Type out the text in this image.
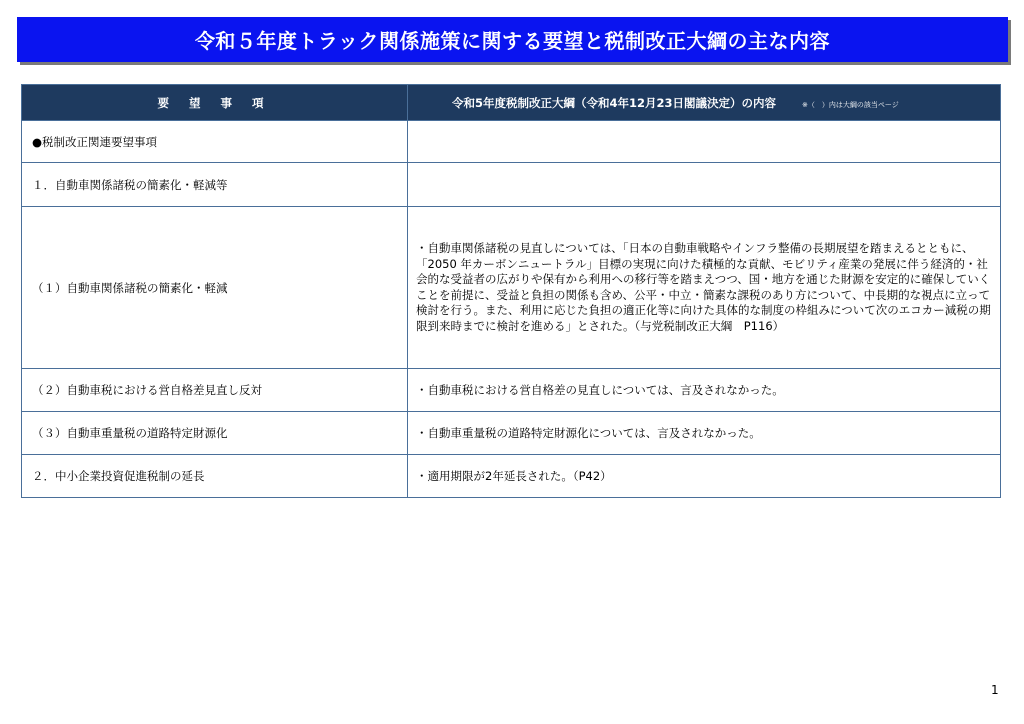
令和５年度トラック関係施策に関する要望と税制改正大綱の主な内容
要 望 事 項	令和5年度税制改正大綱（令和4年12月23日閣議決定）の内容 ※（　）内は大綱の該当ページ
●税制改正関連要望事項	
１．自動車関係諸税の簡素化・軽減等	
（１）自動車関係諸税の簡素化・軽減	・自動車関係諸税の見直しについては、「日本の自動車戦略やインフラ整備の長期展望を踏まえるとともに、「2050 年カーボンニュートラル」目標の実現に向けた積極的な貢献、モビリティ産業の発展に伴う経済的・社会的な受益者の広がりや保有から利用への移行等を踏まえつつ、国・地方を通じた財源を安定的に確保していくことを前提に、受益と負担の関係も含め、公平・中立・簡素な課税のあり方について、中長期的な視点に立って検討を行う。また、利用に応じた負担の適正化等に向けた具体的な制度の枠組みについて次のエコカー減税の期限到来時までに検討を進める」とされた。（与党税制改正大綱　P116）

（２）自動車税における営自格差見直し反対	・自動車税における営自格差の見直しについては、言及されなかった。
（３）自動車重量税の道路特定財源化	・自動車重量税の道路特定財源化については、言及されなかった。
２．中小企業投資促進税制の延長	・適用期限が2年延長された。（P42）
1
